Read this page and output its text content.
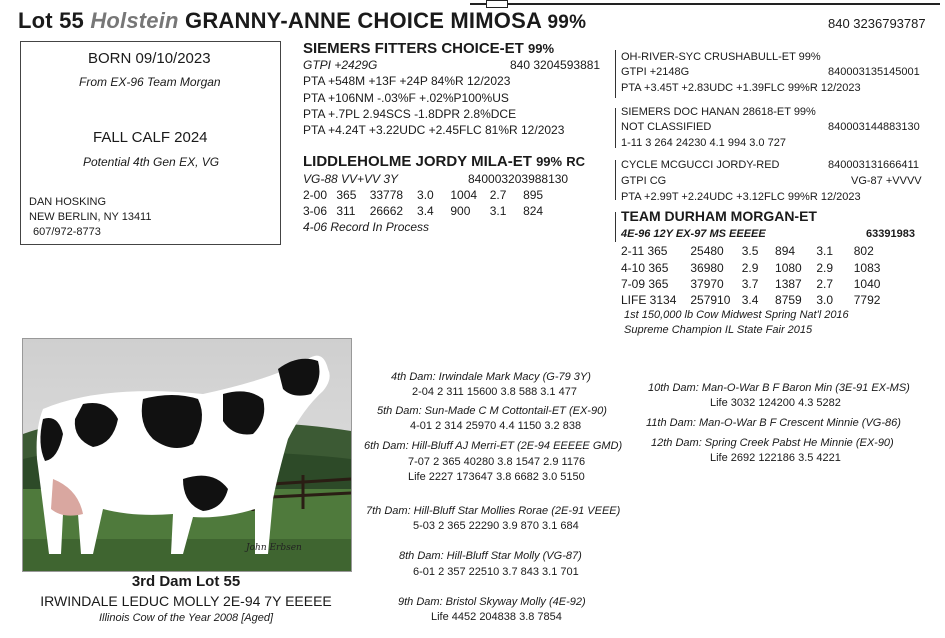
Lot 55 Holstein GRANNY-ANNE CHOICE MIMOSA 99%	840 3236793787
BORN 09/10/2023
From EX-96 Team Morgan
FALL CALF 2024
Potential 4th Gen EX, VG
DAN HOSKING
NEW BERLIN, NY 13411
607/972-8773
SIEMERS FITTERS CHOICE-ET 99%
GTPI +2429G	840 3204593881
PTA +548M +13F +24P 84%R 12/2023
PTA +106NM -.03%F +.02%P100%US
PTA +.7PL 2.94SCS -1.8DPR 2.8%DCE
PTA +4.24T +3.22UDC +2.45FLC 81%R 12/2023
LIDDLEHOLME JORDY MILA-ET 99% RC
VG-88 VV+VV 3Y	840003203988130
2-00 365 33778 3.0 1004 2.7 895
3-06 311 26662 3.4 900 3.1 824
4-06 Record In Process
OH-RIVER-SYC CRUSHABULL-ET 99%
GTPI +2148G	840003135145001
PTA +3.45T +2.83UDC +1.39FLC 99%R 12/2023
SIEMERS DOC HANAN 28618-ET 99%
NOT CLASSIFIED	840003144883130
1-11 3 264 24230 4.1 994 3.0 727
CYCLE MCGUCCI JORDY-RED	840003131666411
GTPI CG	VG-87 +VVVV
PTA +2.99T +2.24UDC +3.12FLC 99%R 12/2023
TEAM DURHAM MORGAN-ET
4E-96 12Y EX-97 MS EEEEE	63391983
2-11 365 25480 3.5 894 3.1 802
4-10 365 36980 2.9 1080 2.9 1083
7-09 365 37970 3.7 1387 2.7 1040
LIFE 3134 257910 3.4 8759 3.0 7792
1st 150,000 lb Cow Midwest Spring Nat'l 2016
Supreme Champion IL State Fair 2015
John Erbsen
3rd Dam Lot 55
IRWINDALE LEDUC MOLLY 2E-94 7Y EEEEE
Illinois Cow of the Year 2008 [Aged]
4th Dam: Irwindale Mark Macy (G-79 3Y)
2-04 2 311 15600 3.8 588 3.1 477
5th Dam: Sun-Made C M Cottontail-ET (EX-90)
4-01 2 314 25970 4.4 1150 3.2 838
6th Dam: Hill-Bluff AJ Merri-ET (2E-94 EEEEE GMD)
7-07 2 365 40280 3.8 1547 2.9 1176
Life 2227 173647 3.8 6682 3.0 5150
7th Dam: Hill-Bluff Star Mollies Rorae (2E-91 VEEE)
5-03 2 365 22290 3.9 870 3.1 684
8th Dam: Hill-Bluff Star Molly (VG-87)
6-01 2 357 22510 3.7 843 3.1 701
9th Dam: Bristol Skyway Molly (4E-92)
Life 4452 204838 3.8 7854
10th Dam: Man-O-War B F Baron Min (3E-91 EX-MS)
Life 3032 124200 4.3 5282
11th Dam: Man-O-War B F Crescent Minnie (VG-86)
12th Dam: Spring Creek Pabst He Minnie (EX-90)
Life 2692 122186 3.5 4221
